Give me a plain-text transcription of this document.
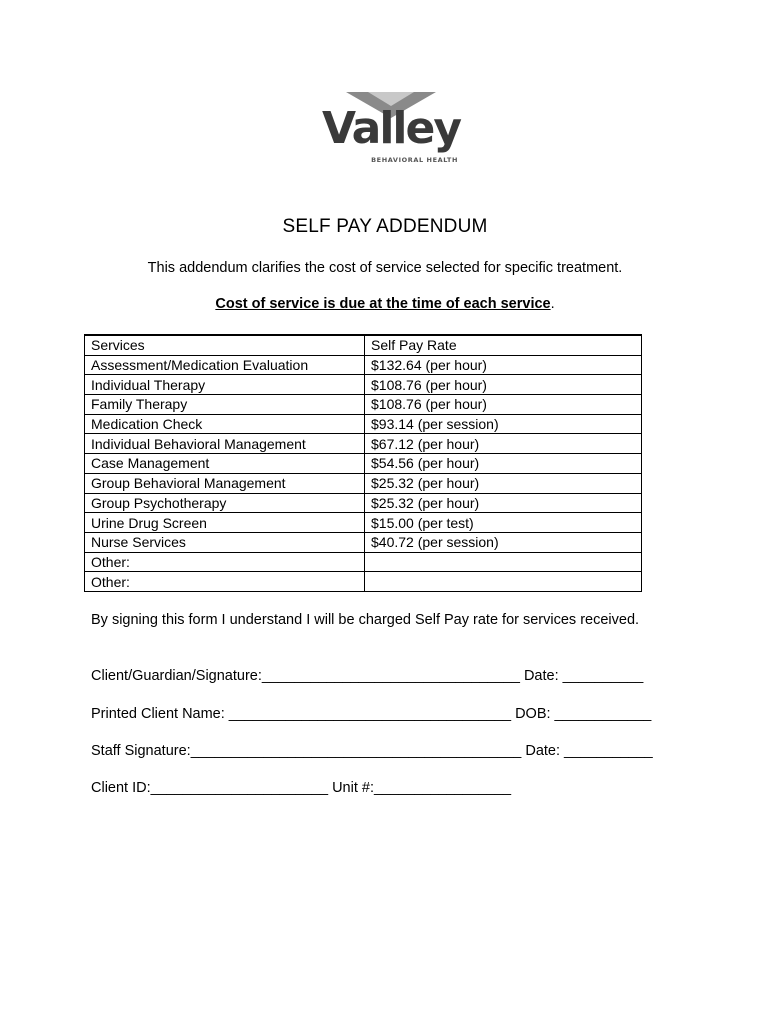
Valley
BEHAVIORAL HEALTH
SELF PAY ADDENDUM
This addendum clarifies the cost of service selected for specific treatment.
Cost of service is due at the time of each service.
Services	Self Pay Rate
Assessment/Medication Evaluation	$132.64 (per hour)
Individual Therapy	$108.76 (per hour)
Family Therapy	$108.76 (per hour)
Medication Check	$93.14 (per session)
Individual Behavioral Management	$67.12 (per hour)
Case Management	$54.56 (per hour)
Group Behavioral Management	$25.32 (per hour)
Group Psychotherapy	$25.32 (per hour)
Urine Drug Screen	$15.00 (per test)
Nurse Services	$40.72 (per session)
Other:	
Other:	
By signing this form I understand I will be charged Self Pay rate for services received.
Client/Guardian/Signature:________________________________ Date: __________
Printed Client Name: ___________________________________ DOB: ____________
Staff Signature:_________________________________________ Date: ___________
Client ID:______________________ Unit #:_________________
